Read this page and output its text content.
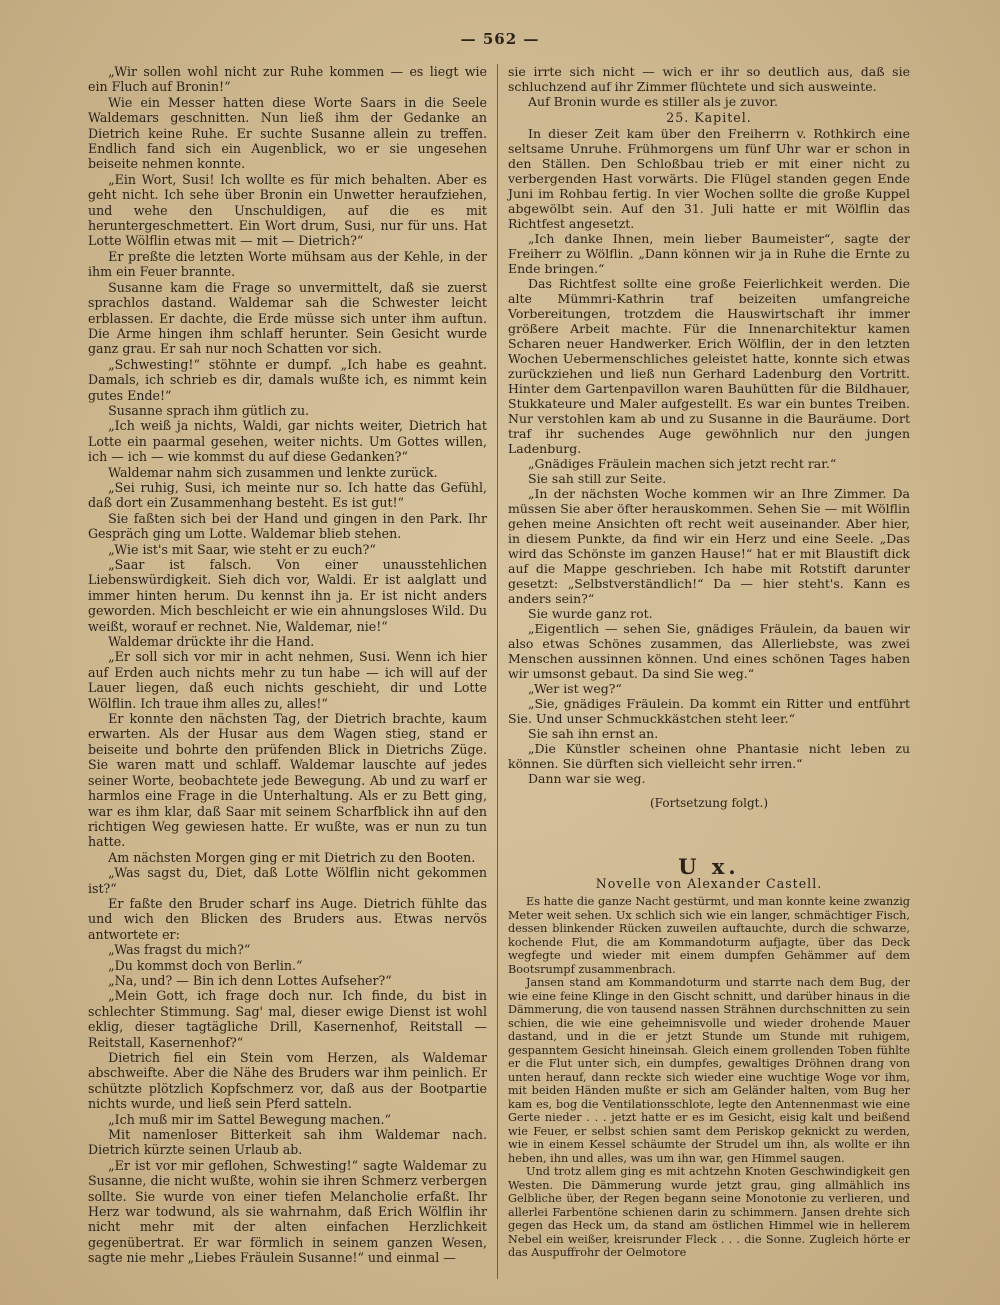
— 562 —

„Wir sollen wohl nicht zur Ruhe kommen — es liegt wie ein Fluch auf Bronin!“

Wie ein Messer hatten diese Worte Saars in die Seele Waldemars geschnitten. Nun ließ ihm der Gedanke an Dietrich keine Ruhe. Er suchte Susanne allein zu treffen. Endlich fand sich ein Augenblick, wo er sie ungesehen beiseite nehmen konnte.

„Ein Wort, Susi! Ich wollte es für mich behalten. Aber es geht nicht. Ich sehe über Bronin ein Unwetter heraufziehen, und wehe den Unschuldigen, auf die es mit heruntergeschmettert. Ein Wort drum, Susi, nur für uns. Hat Lotte Wölflin etwas mit — mit — Dietrich?“

Er preßte die letzten Worte mühsam aus der Kehle, in der ihm ein Feuer brannte.

Susanne kam die Frage so unvermittelt, daß sie zuerst sprachlos dastand. Waldemar sah die Schwester leicht erblassen. Er dachte, die Erde müsse sich unter ihm auftun. Die Arme hingen ihm schlaff herunter. Sein Gesicht wurde ganz grau. Er sah nur noch Schatten vor sich.

„Schwesting!“ stöhnte er dumpf. „Ich habe es geahnt. Damals, ich schrieb es dir, damals wußte ich, es nimmt kein gutes Ende!“

Susanne sprach ihm gütlich zu.

„Ich weiß ja nichts, Waldi, gar nichts weiter, Dietrich hat Lotte ein paarmal gesehen, weiter nichts. Um Gottes willen, ich — ich — wie kommst du auf diese Gedanken?“

Waldemar nahm sich zusammen und lenkte zurück.

„Sei ruhig, Susi, ich meinte nur so. Ich hatte das Gefühl, daß dort ein Zusammenhang besteht. Es ist gut!“

Sie faßten sich bei der Hand und gingen in den Park. Ihr Gespräch ging um Lotte. Waldemar blieb stehen.

„Wie ist's mit Saar, wie steht er zu euch?“

„Saar ist falsch. Von einer unausstehlichen Liebenswürdigkeit. Sieh dich vor, Waldi. Er ist aalglatt und immer hinten herum. Du kennst ihn ja. Er ist nicht anders geworden. Mich beschleicht er wie ein ahnungsloses Wild. Du weißt, worauf er rechnet. Nie, Waldemar, nie!“

Waldemar drückte ihr die Hand.

„Er soll sich vor mir in acht nehmen, Susi. Wenn ich hier auf Erden auch nichts mehr zu tun habe — ich will auf der Lauer liegen, daß euch nichts geschieht, dir und Lotte Wölflin. Ich traue ihm alles zu, alles!“

Er konnte den nächsten Tag, der Dietrich brachte, kaum erwarten. Als der Husar aus dem Wagen stieg, stand er beiseite und bohrte den prüfenden Blick in Dietrichs Züge. Sie waren matt und schlaff. Waldemar lauschte auf jedes seiner Worte, beobachtete jede Bewegung. Ab und zu warf er harmlos eine Frage in die Unterhaltung. Als er zu Bett ging, war es ihm klar, daß Saar mit seinem Scharfblick ihn auf den richtigen Weg gewiesen hatte. Er wußte, was er nun zu tun hatte.

Am nächsten Morgen ging er mit Dietrich zu den Booten.

„Was sagst du, Diet, daß Lotte Wölflin nicht gekommen ist?“

Er faßte den Bruder scharf ins Auge. Dietrich fühlte das und wich den Blicken des Bruders aus. Etwas nervös antwortete er:

„Was fragst du mich?“

„Du kommst doch von Berlin.“

„Na, und? — Bin ich denn Lottes Aufseher?“

„Mein Gott, ich frage doch nur. Ich finde, du bist in schlechter Stimmung. Sag' mal, dieser ewige Dienst ist wohl eklig, dieser tagtägliche Drill, Kasernenhof, Reitstall — Reitstall, Kasernenhof?“

Dietrich fiel ein Stein vom Herzen, als Waldemar abschweifte. Aber die Nähe des Bruders war ihm peinlich. Er schützte plötzlich Kopfschmerz vor, daß aus der Bootpartie nichts wurde, und ließ sein Pferd satteln.

„Ich muß mir im Sattel Bewegung machen.“

Mit namenloser Bitterkeit sah ihm Waldemar nach. Dietrich kürzte seinen Urlaub ab.

„Er ist vor mir geflohen, Schwesting!“ sagte Waldemar zu Susanne, die nicht wußte, wohin sie ihren Schmerz verbergen sollte. Sie wurde von einer tiefen Melancholie erfaßt. Ihr Herz war todwund, als sie wahrnahm, daß Erich Wölflin ihr nicht mehr mit der alten einfachen Herzlichkeit gegenübertrat. Er war förmlich in seinem ganzen Wesen, sagte nie mehr „Liebes Fräulein Susanne!“ und einmal —

sie irrte sich nicht — wich er ihr so deutlich aus, daß sie schluchzend auf ihr Zimmer flüchtete und sich ausweinte.

Auf Bronin wurde es stiller als je zuvor.

25. Kapitel.

In dieser Zeit kam über den Freiherrn v. Rothkirch eine seltsame Unruhe. Frühmorgens um fünf Uhr war er schon in den Ställen. Den Schloßbau trieb er mit einer nicht zu verbergenden Hast vorwärts. Die Flügel standen gegen Ende Juni im Rohbau fertig. In vier Wochen sollte die große Kuppel abgewölbt sein. Auf den 31. Juli hatte er mit Wölflin das Richtfest angesetzt.

„Ich danke Ihnen, mein lieber Baumeister“, sagte der Freiherr zu Wölflin. „Dann können wir ja in Ruhe die Ernte zu Ende bringen.“

Das Richtfest sollte eine große Feierlichkeit werden. Die alte Mümmri-Kathrin traf beizeiten umfangreiche Vorbereitungen, trotzdem die Hauswirtschaft ihr immer größere Arbeit machte. Für die Innenarchitektur kamen Scharen neuer Handwerker. Erich Wölflin, der in den letzten Wochen Uebermenschliches geleistet hatte, konnte sich etwas zurückziehen und ließ nun Gerhard Ladenburg den Vortritt. Hinter dem Gartenpavillon waren Bauhütten für die Bildhauer, Stukkateure und Maler aufgestellt. Es war ein buntes Treiben. Nur verstohlen kam ab und zu Susanne in die Bauräume. Dort traf ihr suchendes Auge gewöhnlich nur den jungen Ladenburg.

„Gnädiges Fräulein machen sich jetzt recht rar.“

Sie sah still zur Seite.

„In der nächsten Woche kommen wir an Ihre Zimmer. Da müssen Sie aber öfter herauskommen. Sehen Sie — mit Wölflin gehen meine Ansichten oft recht weit auseinander. Aber hier, in diesem Punkte, da find wir ein Herz und eine Seele. „Das wird das Schönste im ganzen Hause!“ hat er mit Blaustift dick auf die Mappe geschrieben. Ich habe mit Rotstift darunter gesetzt: „Selbstverständlich!“ Da — hier steht's. Kann es anders sein?“

Sie wurde ganz rot.

„Eigentlich — sehen Sie, gnädiges Fräulein, da bauen wir also etwas Schönes zusammen, das Allerliebste, was zwei Menschen aussinnen können. Und eines schönen Tages haben wir umsonst gebaut. Da sind Sie weg.“

„Wer ist weg?“

„Sie, gnädiges Fräulein. Da kommt ein Ritter und entführt Sie. Und unser Schmuckkästchen steht leer.“

Sie sah ihn ernst an.

„Die Künstler scheinen ohne Phantasie nicht leben zu können. Sie dürften sich vielleicht sehr irren.“

Dann war sie weg.

(Fortsetzung folgt.)
U x.
Novelle von Alexander Castell.

Es hatte die ganze Nacht gestürmt, und man konnte keine zwanzig Meter weit sehen. Ux schlich sich wie ein langer, schmächtiger Fisch, dessen blinkender Rücken zuweilen auftauchte, durch die schwarze, kochende Flut, die am Kommandoturm aufjagte, über das Deck wegfegte und wieder mit einem dumpfen Gehämmer auf dem Bootsrumpf zusammenbrach.

Jansen stand am Kommandoturm und starrte nach dem Bug, der wie eine feine Klinge in den Gischt schnitt, und darüber hinaus in die Dämmerung, die von tausend nassen Strähnen durchschnitten zu sein schien, die wie eine geheimnisvolle und wieder drohende Mauer dastand, und in die er jetzt Stunde um Stunde mit ruhigem, gespanntem Gesicht hineinsah. Gleich einem grollenden Toben fühlte er die Flut unter sich, ein dumpfes, gewaltiges Dröhnen drang von unten herauf, dann reckte sich wieder eine wuchtige Woge vor ihm, mit beiden Händen mußte er sich am Geländer halten, vom Bug her kam es, bog die Ventilationsschlote, legte den Antennenmast wie eine Gerte nieder . . . jetzt hatte er es im Gesicht, eisig kalt und beißend wie Feuer, er selbst schien samt dem Periskop geknickt zu werden, wie in einem Kessel schäumte der Strudel um ihn, als wollte er ihn heben, ihn und alles, was um ihn war, gen Himmel saugen.

Und trotz allem ging es mit achtzehn Knoten Geschwindigkeit gen Westen. Die Dämmerung wurde jetzt grau, ging allmählich ins Gelbliche über, der Regen begann seine Monotonie zu verlieren, und allerlei Farbentöne schienen darin zu schimmern. Jansen drehte sich gegen das Heck um, da stand am östlichen Himmel wie in hellerem Nebel ein weißer, kreisrunder Fleck . . . die Sonne. Zugleich hörte er das Auspuffrohr der Oelmotore
